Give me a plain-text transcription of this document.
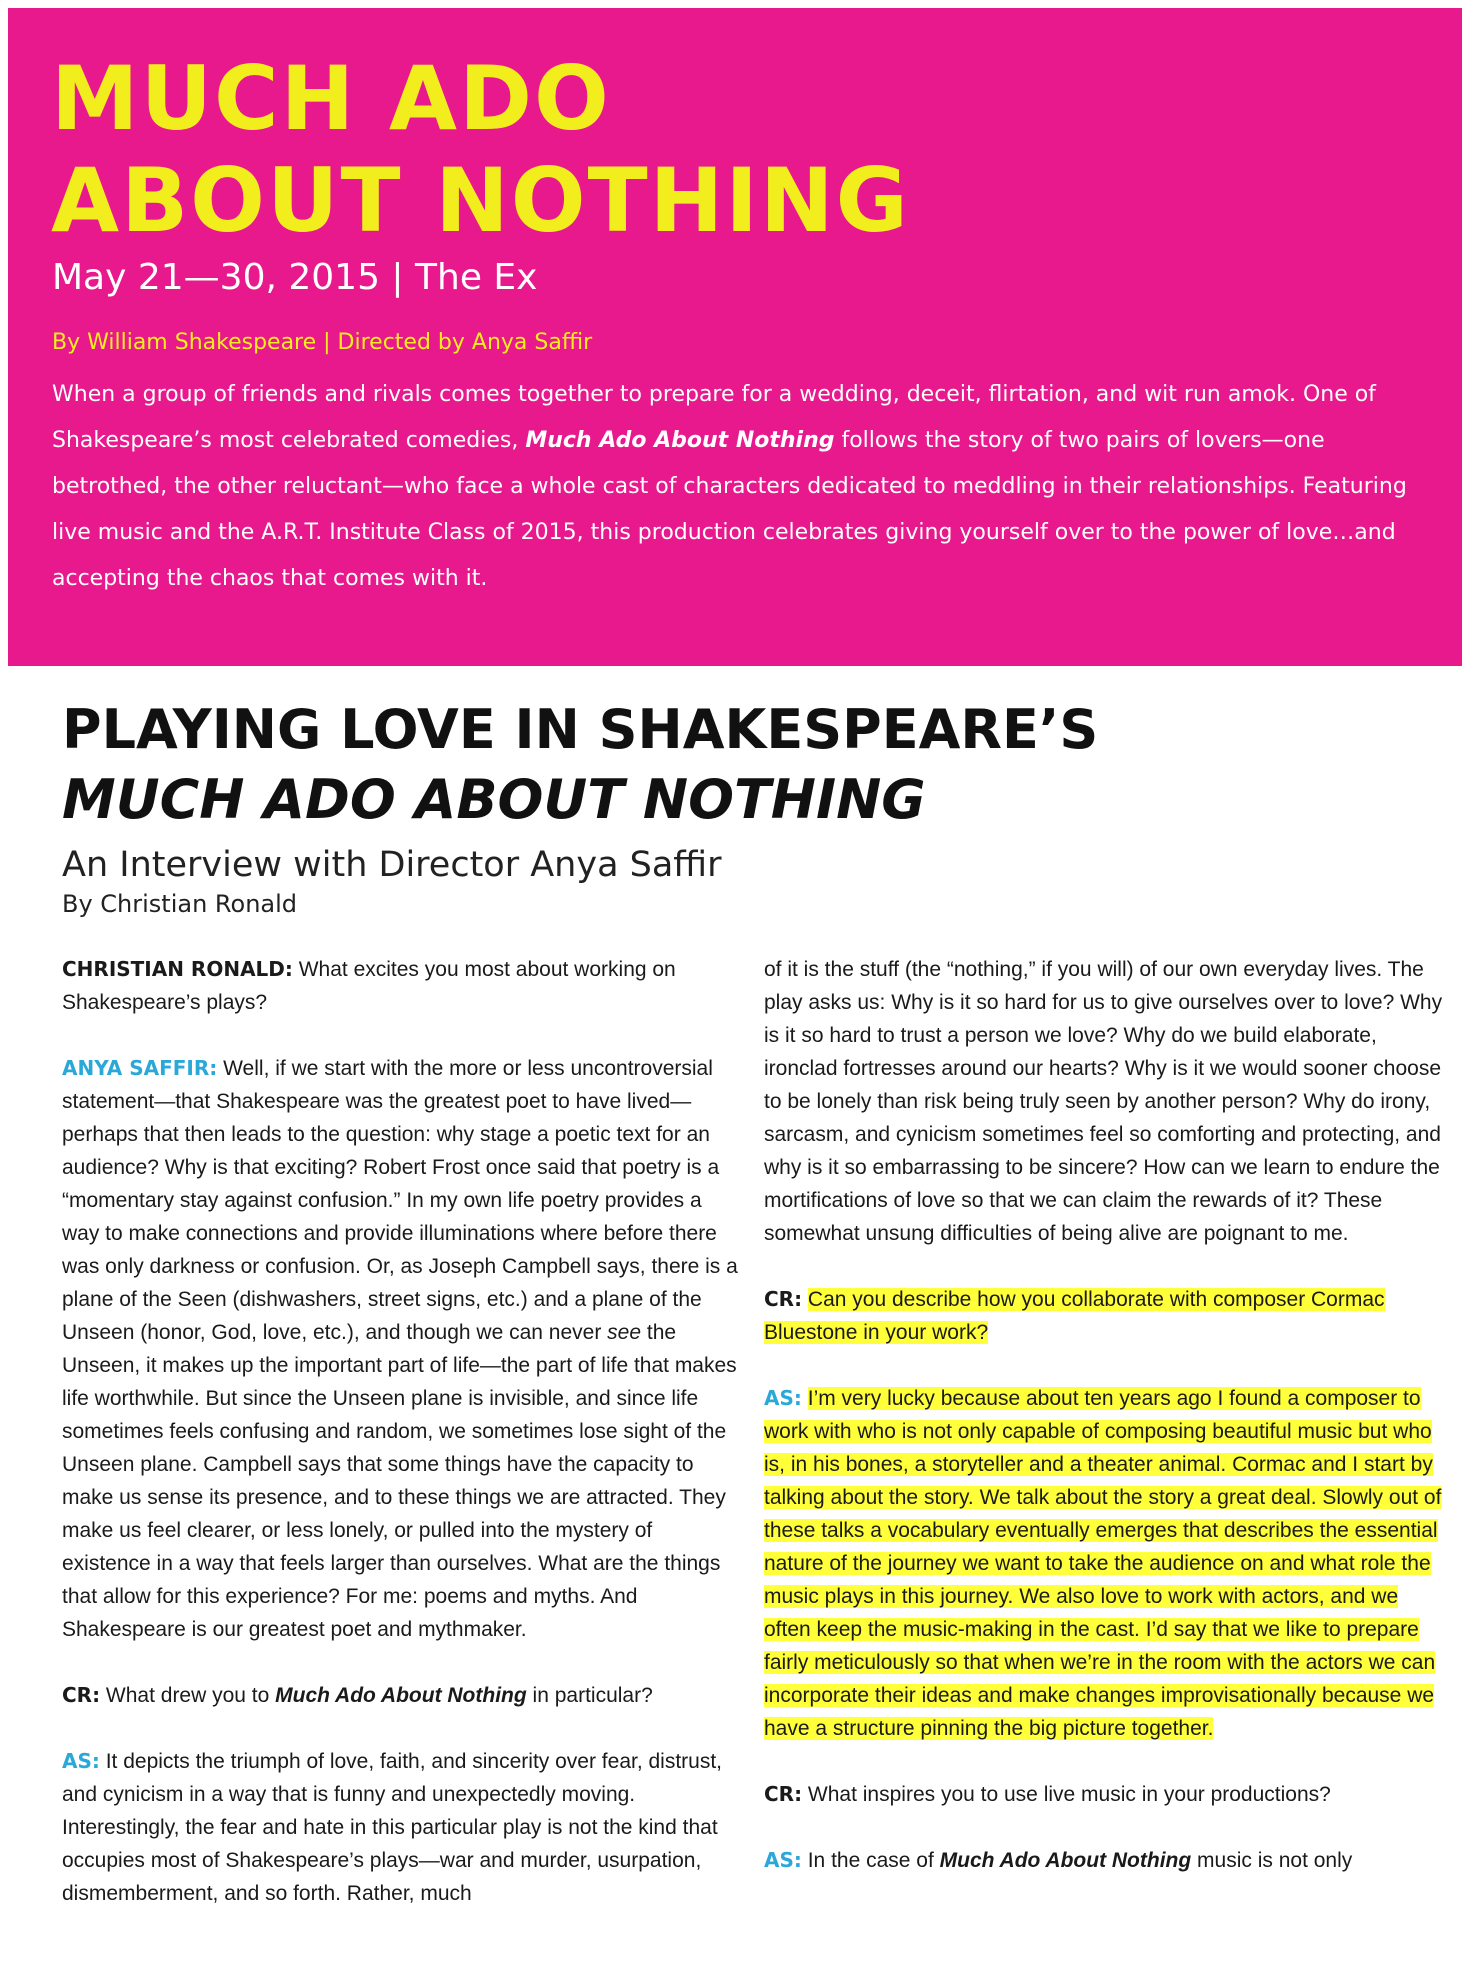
MUCH ADO
ABOUT NOTHING

May 21—30, 2015 | The Ex

By William Shakespeare | Directed by Anya Saffir

When a group of friends and rivals comes together to prepare for a wedding, deceit, flirtation, and wit run amok. One of Shakespeare’s most celebrated comedies, Much Ado About Nothing follows the story of two pairs of lovers—one betrothed, the other reluctant—who face a whole cast of characters dedicated to meddling in their relationships. Featuring live music and the A.R.T. Institute Class of 2015, this production celebrates giving yourself over to the power of love…and accepting the chaos that comes with it.

PLAYING LOVE IN SHAKESPEARE’S
MUCH ADO ABOUT NOTHING

An Interview with Director Anya Saffir

By Christian Ronald

CHRISTIAN RONALD: What excites you most about working on Shakespeare’s plays?

ANYA SAFFIR: Well, if we start with the more or less uncontroversial statement—that Shakespeare was the greatest poet to have lived—perhaps that then leads to the question: why stage a poetic text for an audience? Why is that exciting? Robert Frost once said that poetry is a “momentary stay against confusion.” In my own life poetry provides a way to make connections and provide illuminations where before there was only darkness or confusion. Or, as Joseph Campbell says, there is a plane of the Seen (dishwashers, street signs, etc.) and a plane of the Unseen (honor, God, love, etc.), and though we can never see the Unseen, it makes up the important part of life—the part of life that makes life worthwhile. But since the Unseen plane is invisible, and since life sometimes feels confusing and random, we sometimes lose sight of the Unseen plane. Campbell says that some things have the capacity to make us sense its presence, and to these things we are attracted. They make us feel clearer, or less lonely, or pulled into the mystery of existence in a way that feels larger than ourselves. What are the things that allow for this experience? For me: poems and myths. And Shakespeare is our greatest poet and mythmaker.

CR: What drew you to Much Ado About Nothing in particular?

AS: It depicts the triumph of love, faith, and sincerity over fear, distrust, and cynicism in a way that is funny and unexpectedly moving. Interestingly, the fear and hate in this particular play is not the kind that occupies most of Shakespeare’s plays—war and murder, usurpation, dismemberment, and so forth. Rather, much

of it is the stuff (the “nothing,” if you will) of our own everyday lives. The play asks us: Why is it so hard for us to give ourselves over to love? Why is it so hard to trust a person we love? Why do we build elaborate, ironclad fortresses around our hearts? Why is it we would sooner choose to be lonely than risk being truly seen by another person? Why do irony, sarcasm, and cynicism sometimes feel so comforting and protecting, and why is it so embarrassing to be sincere? How can we learn to endure the mortifications of love so that we can claim the rewards of it? These somewhat unsung difficulties of being alive are poignant to me.

CR: Can you describe how you collaborate with composer Cormac Bluestone in your work?

AS: I’m very lucky because about ten years ago I found a composer to work with who is not only capable of composing beautiful music but who is, in his bones, a storyteller and a theater animal. Cormac and I start by talking about the story. We talk about the story a great deal. Slowly out of these talks a vocabulary eventually emerges that describes the essential nature of the journey we want to take the audience on and what role the music plays in this journey. We also love to work with actors, and we often keep the music-making in the cast. I’d say that we like to prepare fairly meticulously so that when we’re in the room with the actors we can incorporate their ideas and make changes improvisationally because we have a structure pinning the big picture together.

CR: What inspires you to use live music in your productions?

AS: In the case of Much Ado About Nothing music is not only
